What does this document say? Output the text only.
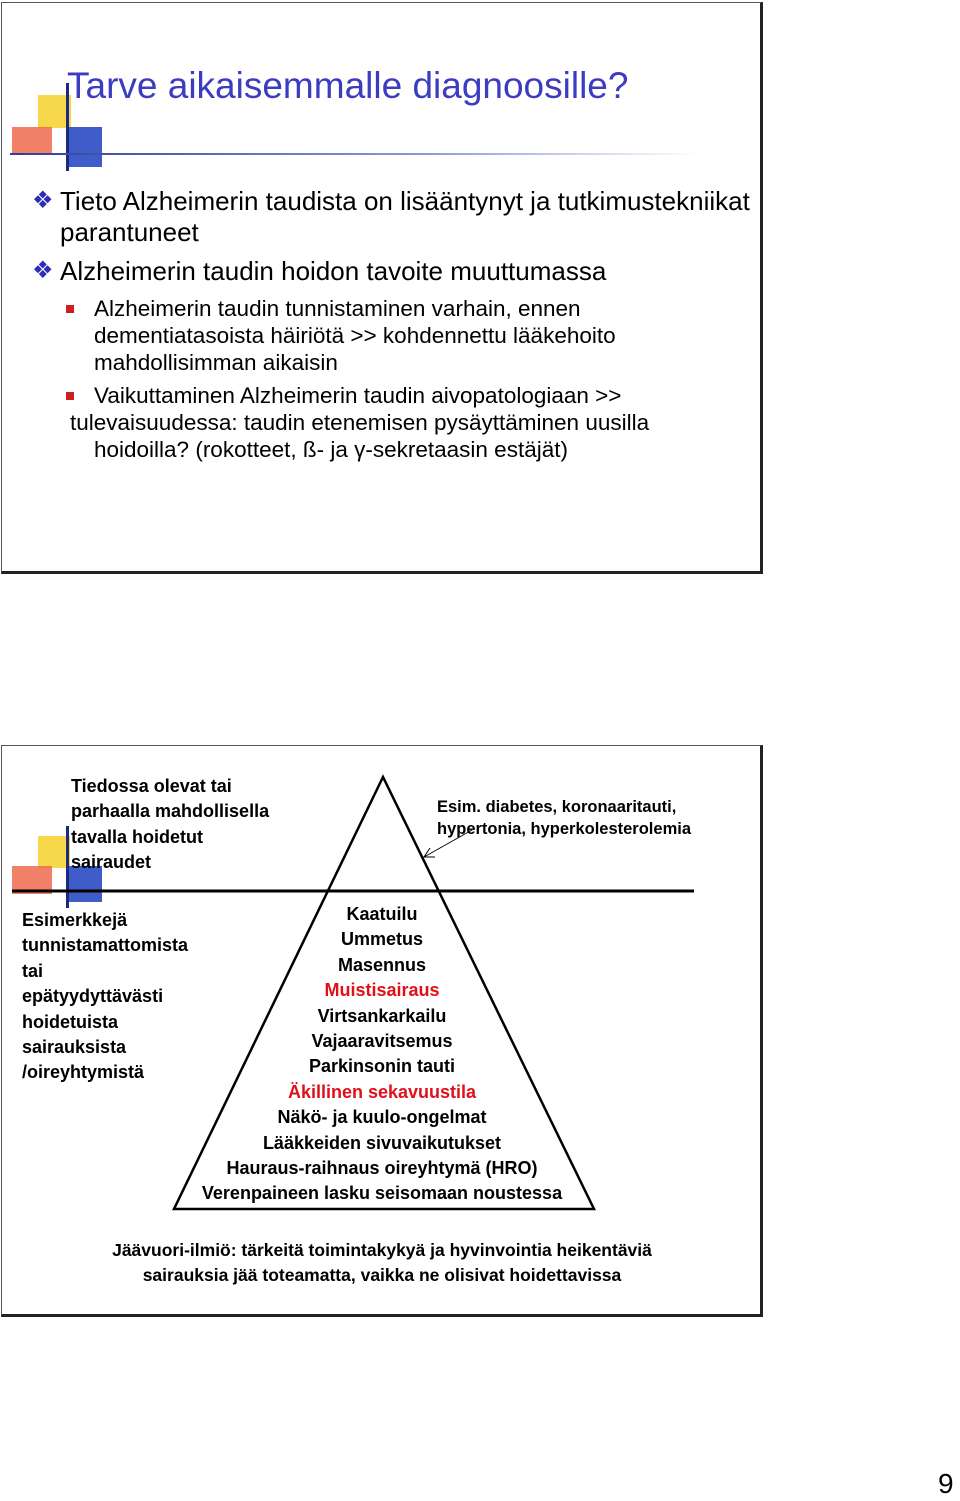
Tarve aikaisemmalle diagnoosille?
❖ Tieto Alzheimerin taudista on lisääntynyt ja tutkimustekniikat parantuneet
❖ Alzheimerin taudin hoidon tavoite muuttumassa
Alzheimerin taudin tunnistaminen varhain, ennen dementiatasoista häiriötä >> kohdennettu lääkehoito mahdollisimman aikaisin
Vaikuttaminen Alzheimerin taudin aivopatologiaan >>
tulevaisuudessa: taudin etenemisen pysäyttäminen uusilla
hoidoilla? (rokotteet, ß- ja γ-sekretaasin estäjät)
Tiedossa olevat tai
parhaalla mahdollisella
tavalla hoidetut
sairaudet
Esim. diabetes, koronaaritauti,
hypertonia, hyperkolesterolemia
Esimerkkejä
tunnistamattomista
tai
epätyydyttävästi
hoidetuista
sairauksista
/oireyhtymistä
Kaatuilu
Ummetus
Masennus
Muistisairaus
Virtsankarkailu
Vajaaravitsemus
Parkinsonin tauti
Äkillinen sekavuustila
Näkö- ja kuulo-ongelmat
Lääkkeiden sivuvaikutukset
Hauraus-raihnaus oireyhtymä (HRO)
Verenpaineen lasku seisomaan noustessa
Jäävuori-ilmiö: tärkeitä toimintakykyä ja hyvinvointia heikentäviä
sairauksia jää toteamatta, vaikka ne olisivat hoidettavissa
9
